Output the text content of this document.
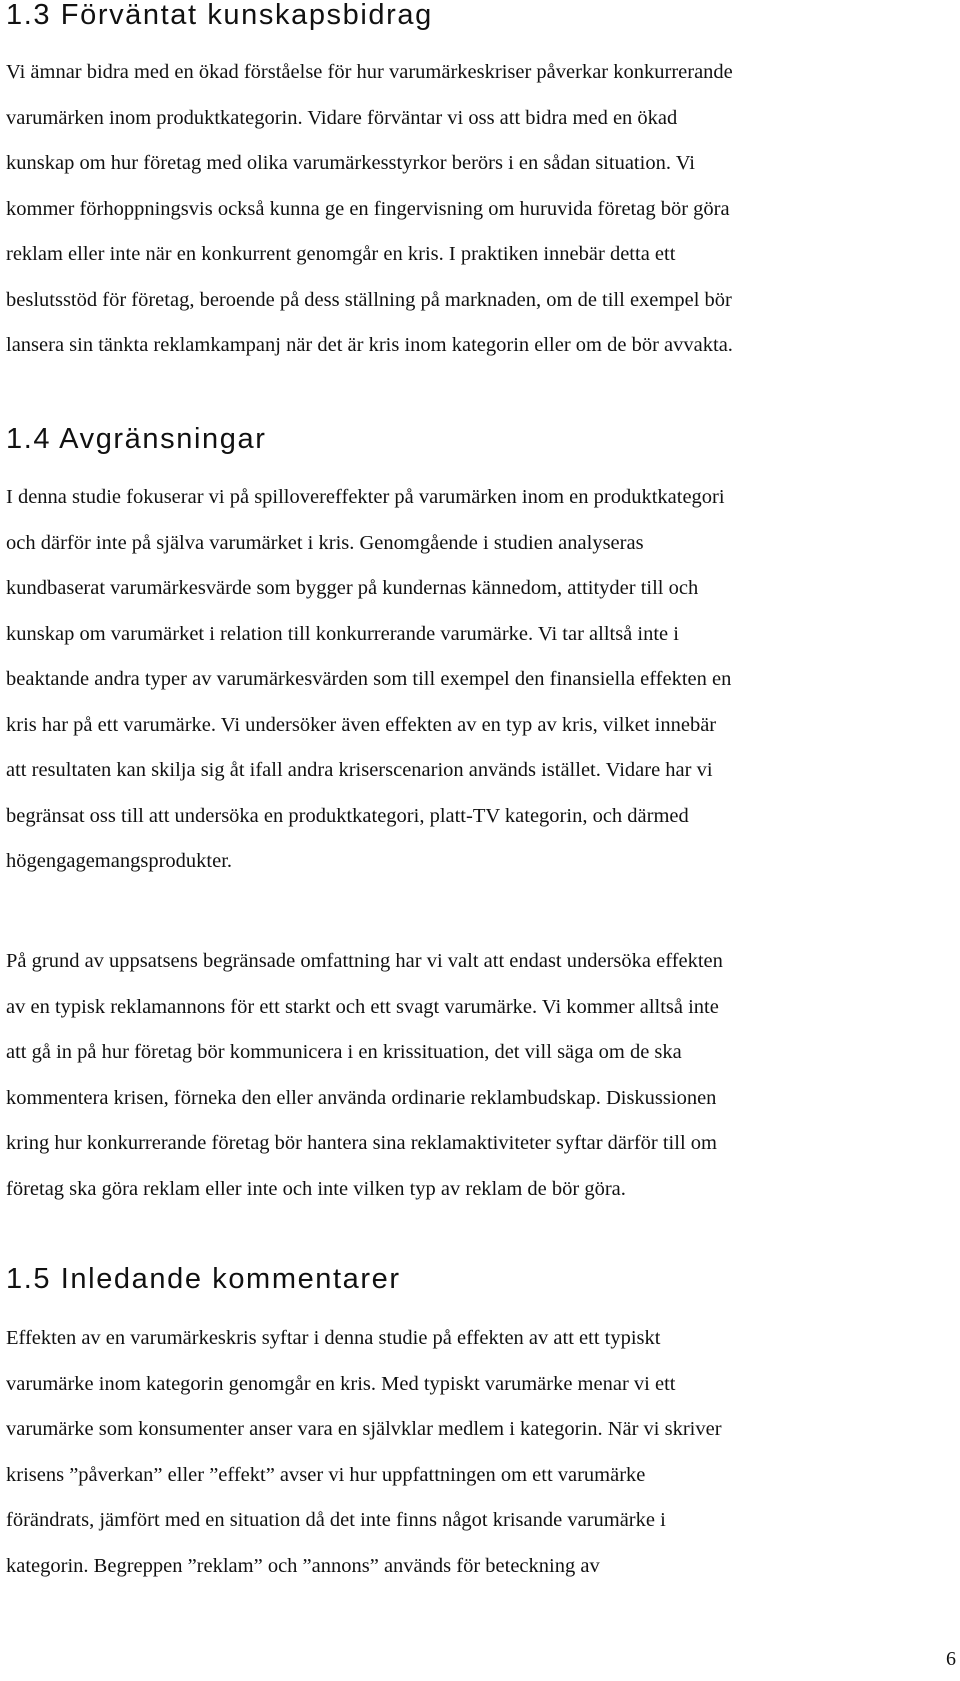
1.3 Förväntat kunskapsbidrag
Vi ämnar bidra med en ökad förståelse för hur varumärkeskriser påverkar konkurrerande
varumärken inom produktkategorin. Vidare förväntar vi oss att bidra med en ökad
kunskap om hur företag med olika varumärkesstyrkor berörs i en sådan situation. Vi
kommer förhoppningsvis också kunna ge en fingervisning om huruvida företag bör göra
reklam eller inte när en konkurrent genomgår en kris. I praktiken innebär detta ett
beslutsstöd för företag, beroende på dess ställning på marknaden, om de till exempel bör
lansera sin tänkta reklamkampanj när det är kris inom kategorin eller om de bör avvakta.
1.4 Avgränsningar
I denna studie fokuserar vi på spillovereffekter på varumärken inom en produktkategori
och därför inte på själva varumärket i kris. Genomgående i studien analyseras
kundbaserat varumärkesvärde som bygger på kundernas kännedom, attityder till och
kunskap om varumärket i relation till konkurrerande varumärke. Vi tar alltså inte i
beaktande andra typer av varumärkesvärden som till exempel den finansiella effekten en
kris har på ett varumärke. Vi undersöker även effekten av en typ av kris, vilket innebär
att resultaten kan skilja sig åt ifall andra kriserscenarion används istället. Vidare har vi
begränsat oss till att undersöka en produktkategori, platt-TV kategorin, och därmed
högengagemangsprodukter.
På grund av uppsatsens begränsade omfattning har vi valt att endast undersöka effekten
av en typisk reklamannons för ett starkt och ett svagt varumärke. Vi kommer alltså inte
att gå in på hur företag bör kommunicera i en krissituation, det vill säga om de ska
kommentera krisen, förneka den eller använda ordinarie reklambudskap. Diskussionen
kring hur konkurrerande företag bör hantera sina reklamaktiviteter syftar därför till om
företag ska göra reklam eller inte och inte vilken typ av reklam de bör göra.
1.5 Inledande kommentarer
Effekten av en varumärkeskris syftar i denna studie på effekten av att ett typiskt
varumärke inom kategorin genomgår en kris. Med typiskt varumärke menar vi ett
varumärke som konsumenter anser vara en självklar medlem i kategorin. När vi skriver
krisens ”påverkan” eller ”effekt” avser vi hur uppfattningen om ett varumärke
förändrats, jämfört med en situation då det inte finns något krisande varumärke i
kategorin. Begreppen ”reklam” och ”annons” används för beteckning av
6
